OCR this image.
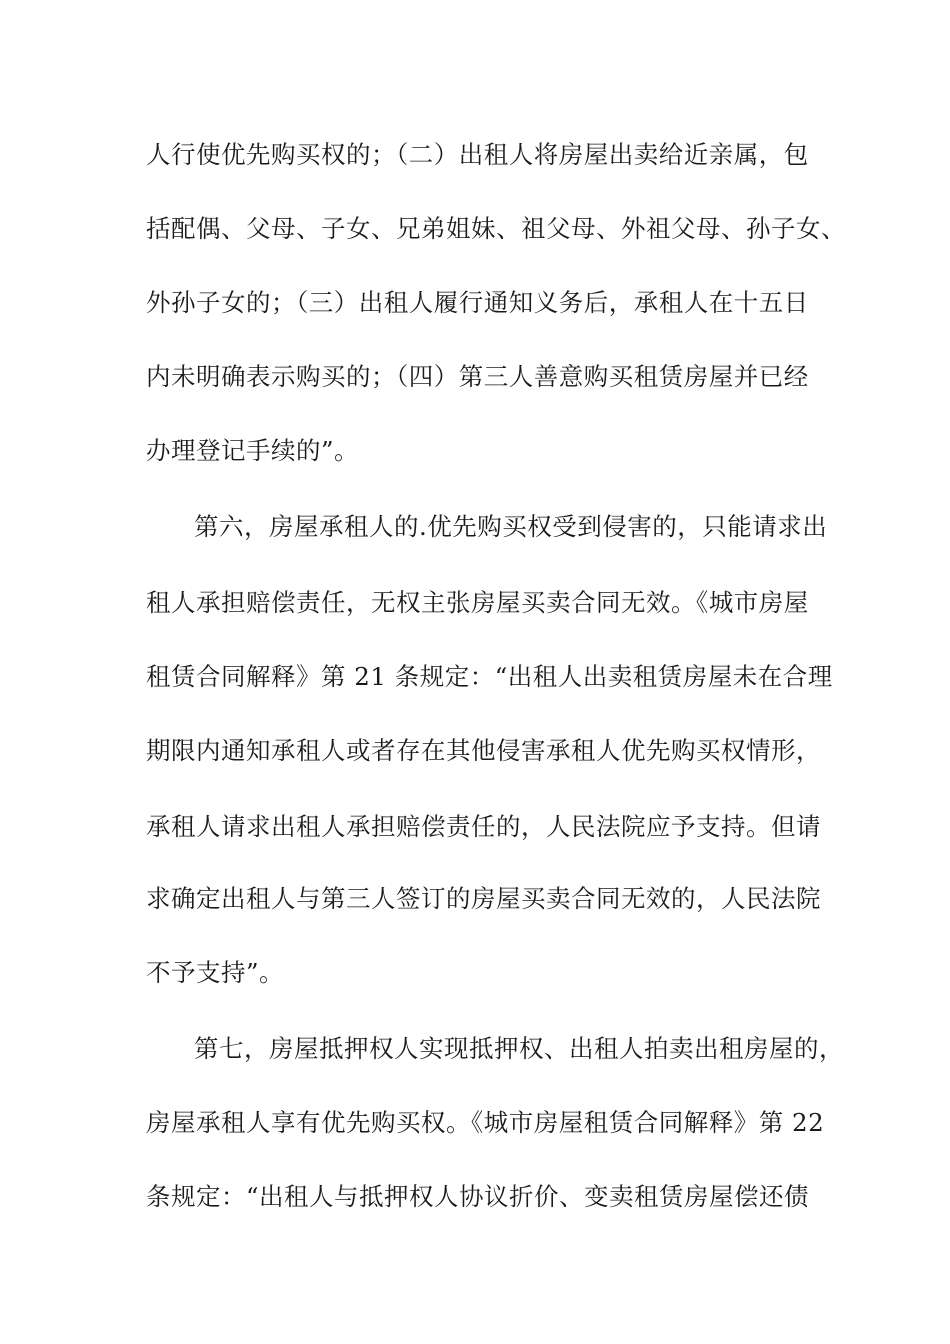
人行使优先购买权的；（二）出租人将房屋出卖给近亲属，包
括配偶、父母、子女、兄弟姐妹、祖父母、外祖父母、孙子女、
外孙子女的；（三）出租人履行通知义务后，承租人在十五日
内未明确表示购买的；（四）第三人善意购买租赁房屋并已经
办理登记手续的”。
第六，房屋承租人的.优先购买权受到侵害的，只能请求出
租人承担赔偿责任，无权主张房屋买卖合同无效。《城市房屋
租赁合同解释》第 21 条规定：“出租人出卖租赁房屋未在合理
期限内通知承租人或者存在其他侵害承租人优先购买权情形，
承租人请求出租人承担赔偿责任的，人民法院应予支持。但请
求确定出租人与第三人签订的房屋买卖合同无效的，人民法院
不予支持”。
第七，房屋抵押权人实现抵押权、出租人拍卖出租房屋的，
房屋承租人享有优先购买权。《城市房屋租赁合同解释》第 22
条规定：“出租人与抵押权人协议折价、变卖租赁房屋偿还债
